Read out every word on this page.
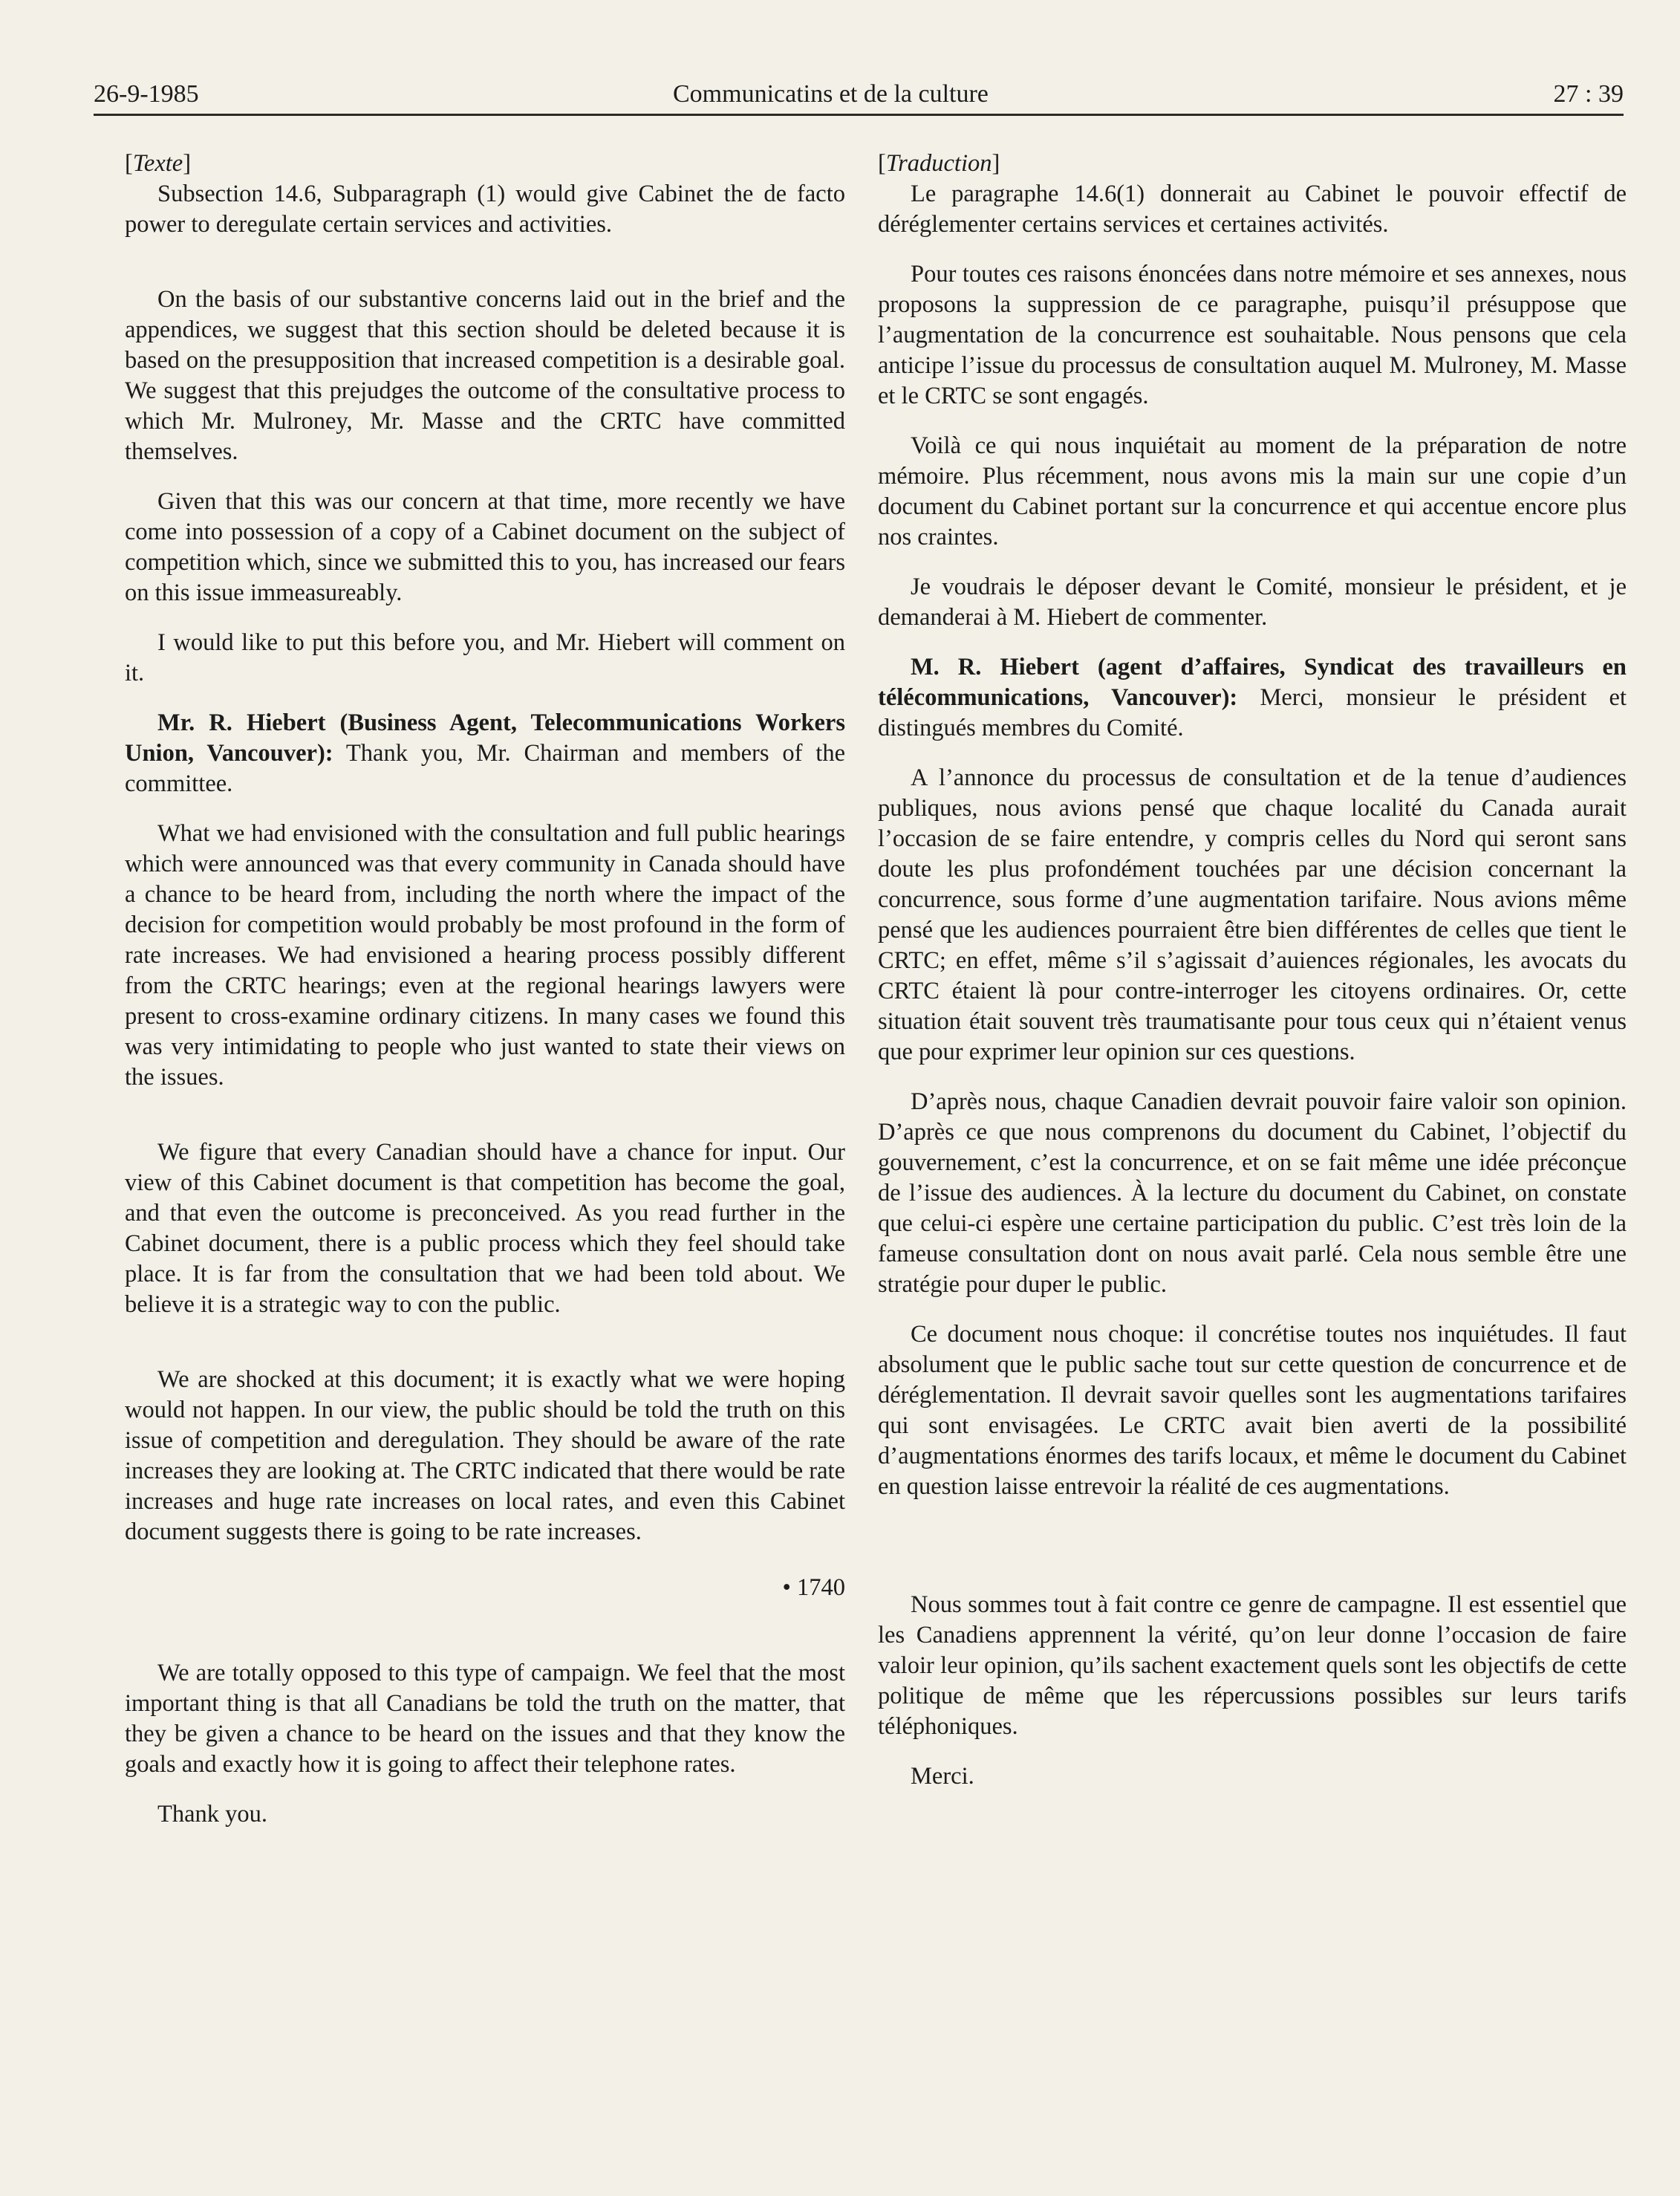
26-9-1985	Communicatins et de la culture	27 : 39

[Texte]

Subsection 14.6, Subparagraph (1) would give Cabinet the de facto power to deregulate certain services and activities.

On the basis of our substantive concerns laid out in the brief and the appendices, we suggest that this section should be deleted because it is based on the presupposition that increased competition is a desirable goal. We suggest that this prejudges the outcome of the consultative process to which Mr. Mulroney, Mr. Masse and the CRTC have committed themselves.

Given that this was our concern at that time, more recently we have come into possession of a copy of a Cabinet document on the subject of competition which, since we submitted this to you, has increased our fears on this issue immeasureably.

I would like to put this before you, and Mr. Hiebert will comment on it.

Mr. R. Hiebert (Business Agent, Telecommunications Workers Union, Vancouver): Thank you, Mr. Chairman and members of the committee.

What we had envisioned with the consultation and full public hearings which were announced was that every community in Canada should have a chance to be heard from, including the north where the impact of the decision for competition would probably be most profound in the form of rate increases. We had envisioned a hearing process possibly different from the CRTC hearings; even at the regional hearings lawyers were present to cross-examine ordinary citizens. In many cases we found this was very intimidating to people who just wanted to state their views on the issues.

We figure that every Canadian should have a chance for input. Our view of this Cabinet document is that competition has become the goal, and that even the outcome is preconceived. As you read further in the Cabinet document, there is a public process which they feel should take place. It is far from the consultation that we had been told about. We believe it is a strategic way to con the public.

We are shocked at this document; it is exactly what we were hoping would not happen. In our view, the public should be told the truth on this issue of competition and deregulation. They should be aware of the rate increases they are looking at. The CRTC indicated that there would be rate increases and huge rate increases on local rates, and even this Cabinet document suggests there is going to be rate increases.

• 1740

We are totally opposed to this type of campaign. We feel that the most important thing is that all Canadians be told the truth on the matter, that they be given a chance to be heard on the issues and that they know the goals and exactly how it is going to affect their telephone rates.

Thank you.

[Traduction]

Le paragraphe 14.6(1) donnerait au Cabinet le pouvoir effectif de déréglementer certains services et certaines activités.

Pour toutes ces raisons énoncées dans notre mémoire et ses annexes, nous proposons la suppression de ce paragraphe, puisqu’il présuppose que l’augmentation de la concurrence est souhaitable. Nous pensons que cela anticipe l’issue du processus de consultation auquel M. Mulroney, M. Masse et le CRTC se sont engagés.

Voilà ce qui nous inquiétait au moment de la préparation de notre mémoire. Plus récemment, nous avons mis la main sur une copie d’un document du Cabinet portant sur la concurrence et qui accentue encore plus nos craintes.

Je voudrais le déposer devant le Comité, monsieur le président, et je demanderai à M. Hiebert de commenter.

M. R. Hiebert (agent d’affaires, Syndicat des travailleurs en télécommunications, Vancouver): Merci, monsieur le président et distingués membres du Comité.

A l’annonce du processus de consultation et de la tenue d’audiences publiques, nous avions pensé que chaque localité du Canada aurait l’occasion de se faire entendre, y compris celles du Nord qui seront sans doute les plus profondément touchées par une décision concernant la concurrence, sous forme d’une augmentation tarifaire. Nous avions même pensé que les audiences pourraient être bien différentes de celles que tient le CRTC; en effet, même s’il s’agissait d’auiences régionales, les avocats du CRTC étaient là pour contre-interroger les citoyens ordinaires. Or, cette situation était souvent très traumatisante pour tous ceux qui n’étaient venus que pour exprimer leur opinion sur ces questions.

D’après nous, chaque Canadien devrait pouvoir faire valoir son opinion. D’après ce que nous comprenons du document du Cabinet, l’objectif du gouvernement, c’est la concurrence, et on se fait même une idée préconçue de l’issue des audiences. À la lecture du document du Cabinet, on constate que celui-ci espère une certaine participation du public. C’est très loin de la fameuse consultation dont on nous avait parlé. Cela nous semble être une stratégie pour duper le public.

Ce document nous choque: il concrétise toutes nos inquiétudes. Il faut absolument que le public sache tout sur cette question de concurrence et de déréglementation. Il devrait savoir quelles sont les augmentations tarifaires qui sont envisagées. Le CRTC avait bien averti de la possibilité d’augmentations énormes des tarifs locaux, et même le document du Cabinet en question laisse entrevoir la réalité de ces augmentations.

Nous sommes tout à fait contre ce genre de campagne. Il est essentiel que les Canadiens apprennent la vérité, qu’on leur donne l’occasion de faire valoir leur opinion, qu’ils sachent exactement quels sont les objectifs de cette politique de même que les répercussions possibles sur leurs tarifs téléphoniques.

Merci.
